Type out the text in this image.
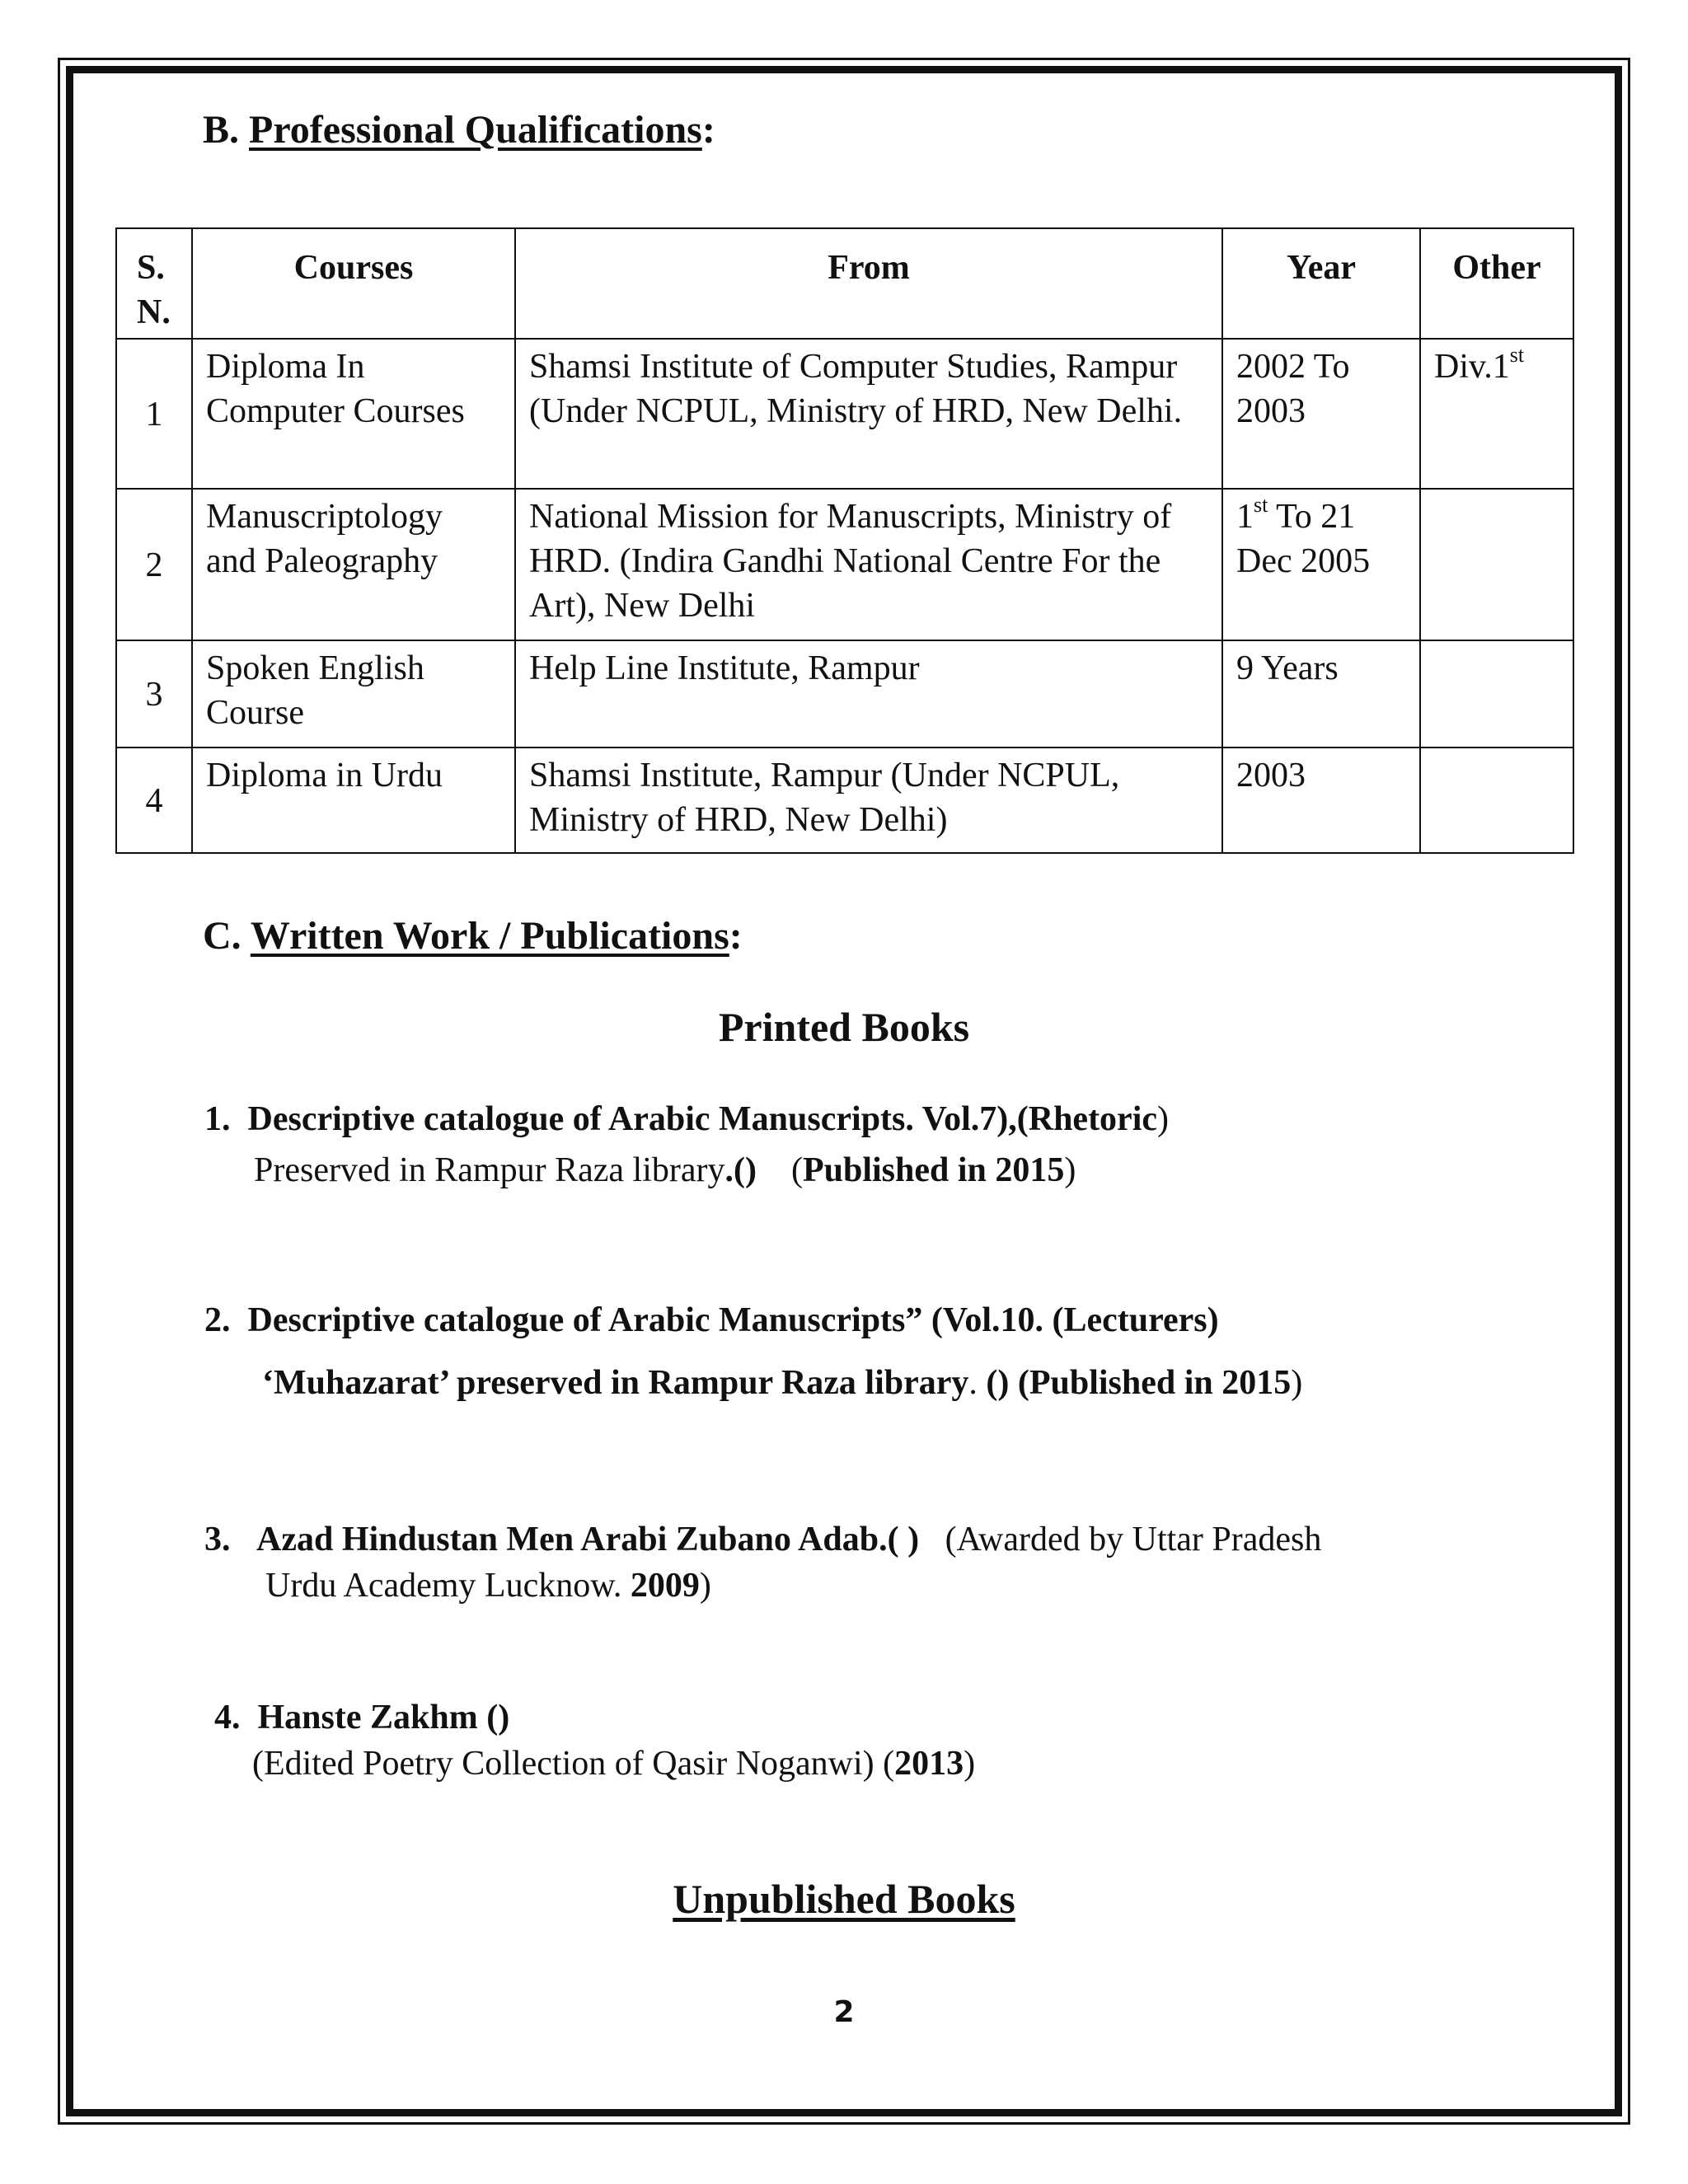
B. Professional Qualifications:
S. N.	Courses	From	Year	Other
1	Diploma In Computer Courses	Shamsi Institute of Computer Studies, Rampur (Under NCPUL, Ministry of HRD, New Delhi.	2002 To 2003	Div.1st
2	Manuscriptology and Paleography	National Mission for Manuscripts, Ministry of HRD. (Indira Gandhi National Centre For the Art), New Delhi	1st To 21 Dec 2005	
3	Spoken English Course	Help Line Institute, Rampur	9 Years	
4	Diploma in Urdu	Shamsi Institute, Rampur (Under NCPUL, Ministry of HRD, New Delhi)	2003	
C. Written Work / Publications:
Printed Books
1. Descriptive catalogue of Arabic Manuscripts. Vol.7),(Rhetoric)
Preserved in Rampur Raza library.()    (Published in 2015)
2. Descriptive catalogue of Arabic Manuscripts” (Vol.10. (Lecturers)
‘Muhazarat’ preserved in Rampur Raza library. () (Published in 2015)
3. Azad Hindustan Men Arabi Zubano Adab.( )   (Awarded by Uttar Pradesh
Urdu Academy Lucknow. 2009)
4. Hanste Zakhm ()
(Edited Poetry Collection of Qasir Noganwi) (2013)
Unpublished Books
2
